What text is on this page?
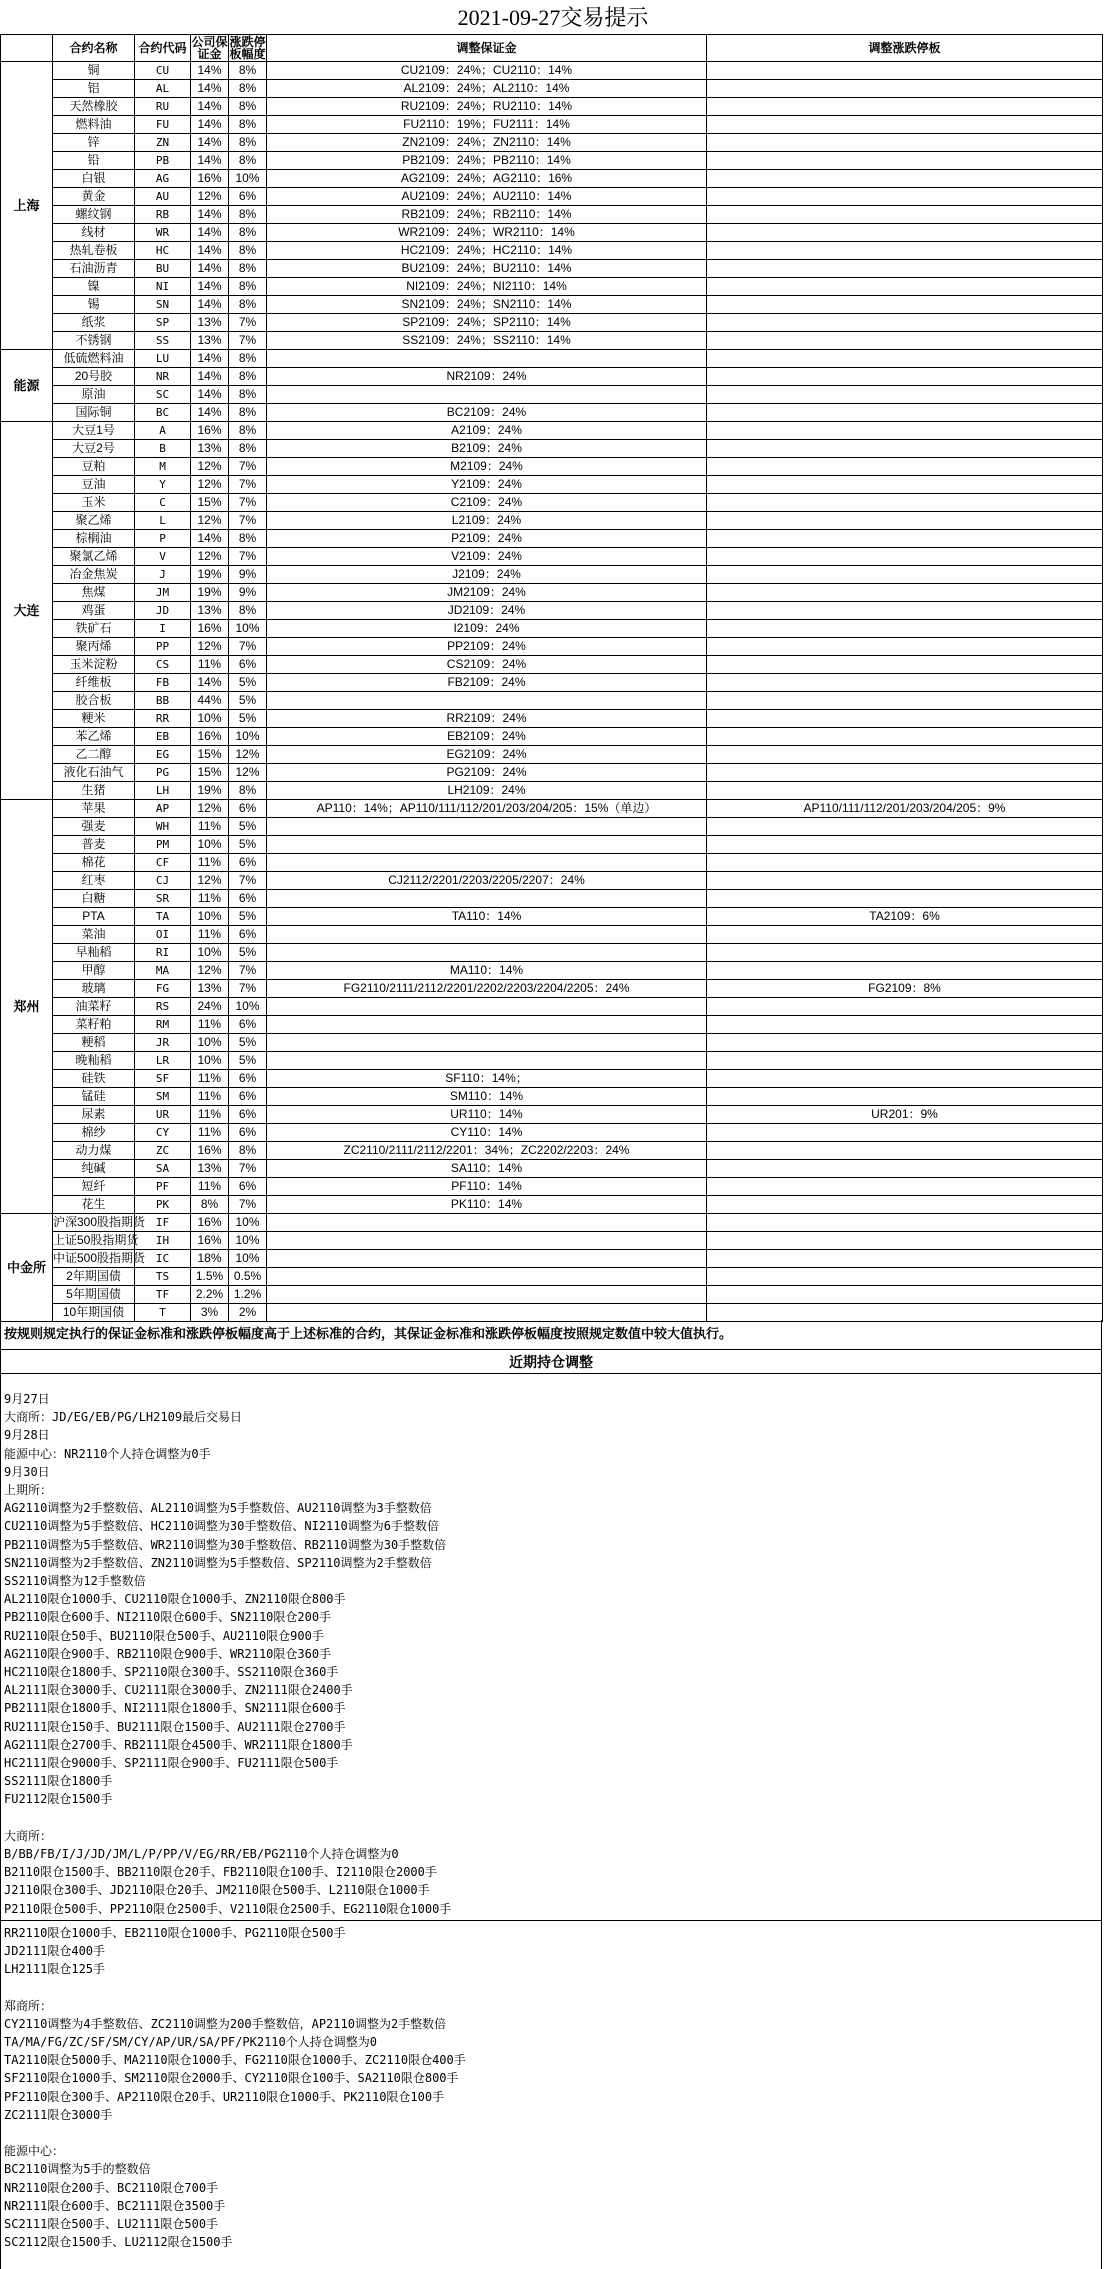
2021-09-27交易提示
	合约名称	合约代码	公司保证金	涨跌停板幅度	调整保证金	调整涨跌停板
上海	铜	CU	14%	8%	CU2109：24%；CU2110：14%	
	铝	AL	14%	8%	AL2109：24%；AL2110：14%	
	天然橡胶	RU	14%	8%	RU2109：24%；RU2110：14%	
	燃料油	FU	14%	8%	FU2110：19%；FU2111：14%	
	锌	ZN	14%	8%	ZN2109：24%；ZN2110：14%	
	铅	PB	14%	8%	PB2109：24%；PB2110：14%	
	白银	AG	16%	10%	AG2109：24%；AG2110：16%	
	黄金	AU	12%	6%	AU2109：24%；AU2110：14%	
	螺纹钢	RB	14%	8%	RB2109：24%；RB2110：14%	
	线材	WR	14%	8%	WR2109：24%；WR2110：14%	
	热轧卷板	HC	14%	8%	HC2109：24%；HC2110：14%	
	石油沥青	BU	14%	8%	BU2109：24%；BU2110：14%	
	镍	NI	14%	8%	NI2109：24%；NI2110：14%	
	锡	SN	14%	8%	SN2109：24%；SN2110：14%	
	纸浆	SP	13%	7%	SP2109：24%；SP2110：14%	
	不锈钢	SS	13%	7%	SS2109：24%；SS2110：14%	
能源	低硫燃料油	LU	14%	8%		
	20号胶	NR	14%	8%	NR2109：24%	
	原油	SC	14%	8%		
	国际铜	BC	14%	8%	BC2109：24%	
大连	大豆1号	A	16%	8%	A2109：24%	
	大豆2号	B	13%	8%	B2109：24%	
	豆粕	M	12%	7%	M2109：24%	
	豆油	Y	12%	7%	Y2109：24%	
	玉米	C	15%	7%	C2109：24%	
	聚乙烯	L	12%	7%	L2109：24%	
	棕榈油	P	14%	8%	P2109：24%	
	聚氯乙烯	V	12%	7%	V2109：24%	
	冶金焦炭	J	19%	9%	J2109：24%	
	焦煤	JM	19%	9%	JM2109：24%	
	鸡蛋	JD	13%	8%	JD2109：24%	
	铁矿石	I	16%	10%	I2109：24%	
	聚丙烯	PP	12%	7%	PP2109：24%	
	玉米淀粉	CS	11%	6%	CS2109：24%	
	纤维板	FB	14%	5%	FB2109：24%	
	胶合板	BB	44%	5%		
	粳米	RR	10%	5%	RR2109：24%	
	苯乙烯	EB	16%	10%	EB2109：24%	
	乙二醇	EG	15%	12%	EG2109：24%	
	液化石油气	PG	15%	12%	PG2109：24%	
	生猪	LH	19%	8%	LH2109：24%	
郑州	苹果	AP	12%	6%	AP110：14%；AP110/111/112/201/203/204/205：15%（单边）	AP110/111/112/201/203/204/205：9%
	强麦	WH	11%	5%		
	普麦	PM	10%	5%		
	棉花	CF	11%	6%		
	红枣	CJ	12%	7%	CJ2112/2201/2203/2205/2207：24%	
	白糖	SR	11%	6%		
	PTA	TA	10%	5%	TA110：14%	TA2109：6%
	菜油	OI	11%	6%		
	早籼稻	RI	10%	5%		
	甲醇	MA	12%	7%	MA110：14%	
	玻璃	FG	13%	7%	FG2110/2111/2112/2201/2202/2203/2204/2205：24%	FG2109：8%
	油菜籽	RS	24%	10%		
	菜籽粕	RM	11%	6%		
	粳稻	JR	10%	5%		
	晚籼稻	LR	10%	5%		
	硅铁	SF	11%	6%	SF110：14%；	
	锰硅	SM	11%	6%	SM110：14%	
	尿素	UR	11%	6%	UR110：14%	UR201：9%
	棉纱	CY	11%	6%	CY110：14%	
	动力煤	ZC	16%	8%	ZC2110/2111/2112/2201：34%；ZC2202/2203：24%	
	纯碱	SA	13%	7%	SA110：14%	
	短纤	PF	11%	6%	PF110：14%	
	花生	PK	8%	7%	PK110：14%	
中金所	沪深300股指期货	IF	16%	10%		
	上证50股指期货	IH	16%	10%		
	中证500股指期货	IC	18%	10%		
	2年期国债	TS	1.5%	0.5%		
	5年期国债	TF	2.2%	1.2%		
	10年期国债	T	3%	2%		
按规则规定执行的保证金标准和涨跌停板幅度高于上述标准的合约，其保证金标准和涨跌停板幅度按照规定数值中较大值执行。
近期持仓调整
9月27日
大商所：JD/EG/EB/PG/LH2109最后交易日
9月28日
能源中心：NR2110个人持仓调整为0手
9月30日
上期所：
AG2110调整为2手整数倍、AL2110调整为5手整数倍、AU2110调整为3手整数倍
CU2110调整为5手整数倍、HC2110调整为30手整数倍、NI2110调整为6手整数倍
PB2110调整为5手整数倍、WR2110调整为30手整数倍、RB2110调整为30手整数倍
SN2110调整为2手整数倍、ZN2110调整为5手整数倍、SP2110调整为2手整数倍
SS2110调整为12手整数倍
AL2110限仓1000手、CU2110限仓1000手、ZN2110限仓800手
PB2110限仓600手、NI2110限仓600手、SN2110限仓200手
RU2110限仓50手、BU2110限仓500手、AU2110限仓900手
AG2110限仓900手、RB2110限仓900手、WR2110限仓360手
HC2110限仓1800手、SP2110限仓300手、SS2110限仓360手
AL2111限仓3000手、CU2111限仓3000手、ZN2111限仓2400手
PB2111限仓1800手、NI2111限仓1800手、SN2111限仓600手
RU2111限仓150手、BU2111限仓1500手、AU2111限仓2700手
AG2111限仓2700手、RB2111限仓4500手、WR2111限仓1800手
HC2111限仓9000手、SP2111限仓900手、FU2111限仓500手
SS2111限仓1800手
FU2112限仓1500手
大商所：
B/BB/FB/I/J/JD/JM/L/P/PP/V/EG/RR/EB/PG2110个人持仓调整为0
B2110限仓1500手、BB2110限仓20手、FB2110限仓100手、I2110限仓2000手
J2110限仓300手、JD2110限仓20手、JM2110限仓500手、L2110限仓1000手
P2110限仓500手、PP2110限仓2500手、V2110限仓2500手、EG2110限仓1000手
RR2110限仓1000手、EB2110限仓1000手、PG2110限仓500手
JD2111限仓400手
LH2111限仓125手
郑商所：
CY2110调整为4手整数倍、ZC2110调整为200手整数倍，AP2110调整为2手整数倍
TA/MA/FG/ZC/SF/SM/CY/AP/UR/SA/PF/PK2110个人持仓调整为0
TA2110限仓5000手、MA2110限仓1000手、FG2110限仓1000手、ZC2110限仓400手
SF2110限仓1000手、SM2110限仓2000手、CY2110限仓100手、SA2110限仓800手
PF2110限仓300手、AP2110限仓20手、UR2110限仓1000手、PK2110限仓100手
ZC2111限仓3000手
能源中心：
BC2110调整为5手的整数倍
NR2110限仓200手、BC2110限仓700手
NR2111限仓600手、BC2111限仓3500手
SC2111限仓500手、LU2111限仓500手
SC2112限仓1500手、LU2112限仓1500手
